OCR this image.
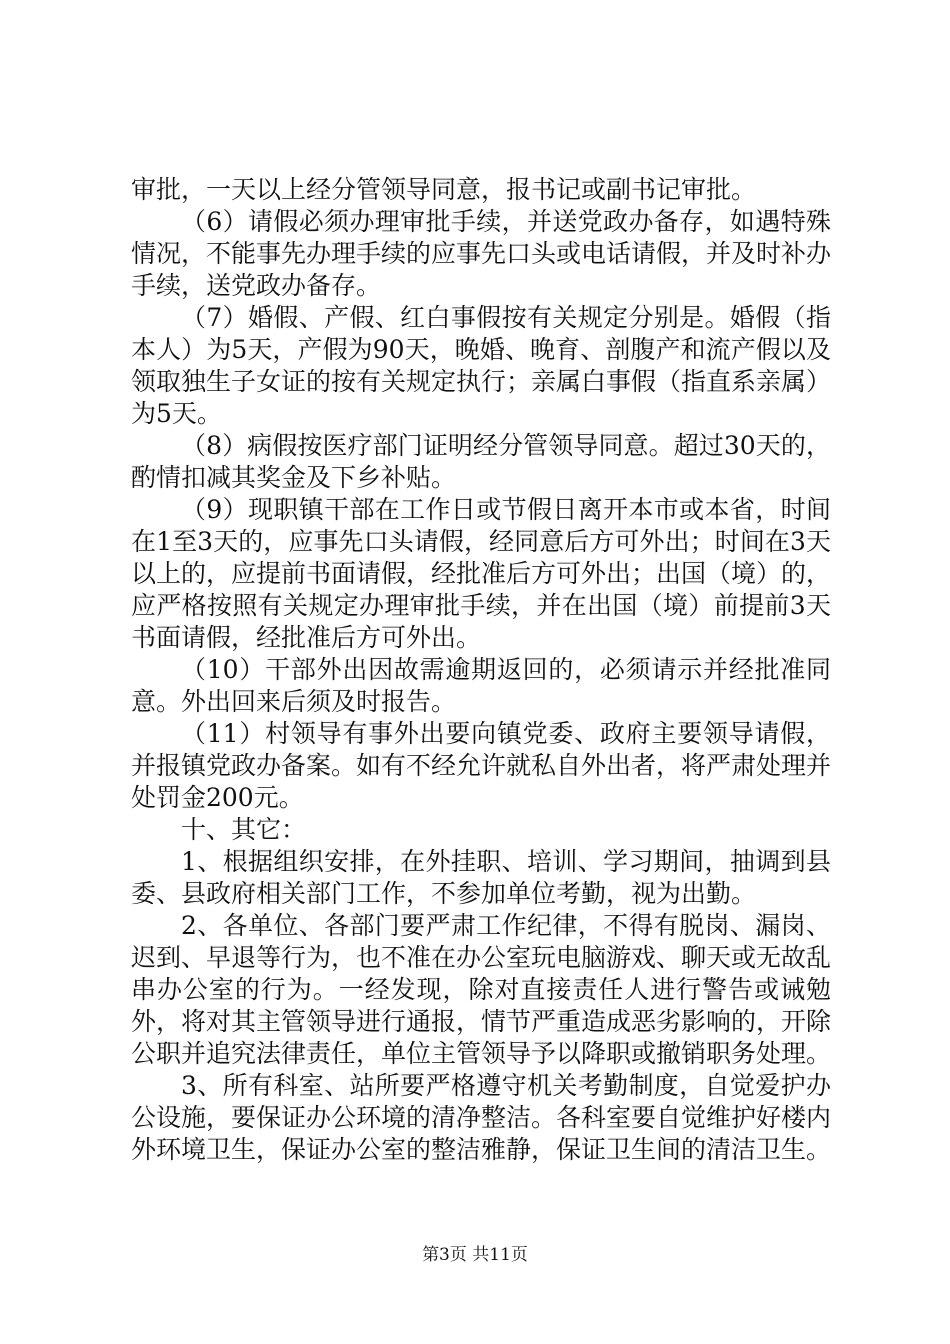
审批，一天以上经分管领导同意，报书记或副书记审批。

（6）请假必须办理审批手续，并送党政办备存，如遇特殊情况，不能事先办理手续的应事先口头或电话请假，并及时补办手续，送党政办备存。

（7）婚假、产假、红白事假按有关规定分别是。婚假（指本人）为5天，产假为90天，晚婚、晚育、剖腹产和流产假以及领取独生子女证的按有关规定执行；亲属白事假（指直系亲属）为5天。

（8）病假按医疗部门证明经分管领导同意。超过30天的，酌情扣减其奖金及下乡补贴。

（9）现职镇干部在工作日或节假日离开本市或本省，时间在1至3天的，应事先口头请假，经同意后方可外出；时间在3天以上的，应提前书面请假，经批准后方可外出；出国（境）的，应严格按照有关规定办理审批手续，并在出国（境）前提前3天书面请假，经批准后方可外出。

（10）干部外出因故需逾期返回的，必须请示并经批准同意。外出回来后须及时报告。

（11）村领导有事外出要向镇党委、政府主要领导请假，并报镇党政办备案。如有不经允许就私自外出者，将严肃处理并处罚金200元。

十、其它：

1、根据组织安排，在外挂职、培训、学习期间，抽调到县委、县政府相关部门工作，不参加单位考勤，视为出勤。

2、各单位、各部门要严肃工作纪律，不得有脱岗、漏岗、迟到、早退等行为，也不准在办公室玩电脑游戏、聊天或无故乱串办公室的行为。一经发现，除对直接责任人进行警告或诫勉外，将对其主管领导进行通报，情节严重造成恶劣影响的，开除公职并追究法律责任，单位主管领导予以降职或撤销职务处理。

3、所有科室、站所要严格遵守机关考勤制度，自觉爱护办公设施，要保证办公环境的清净整洁。各科室要自觉维护好楼内外环境卫生，保证办公室的整洁雅静，保证卫生间的清洁卫生。

第3页 共11页
